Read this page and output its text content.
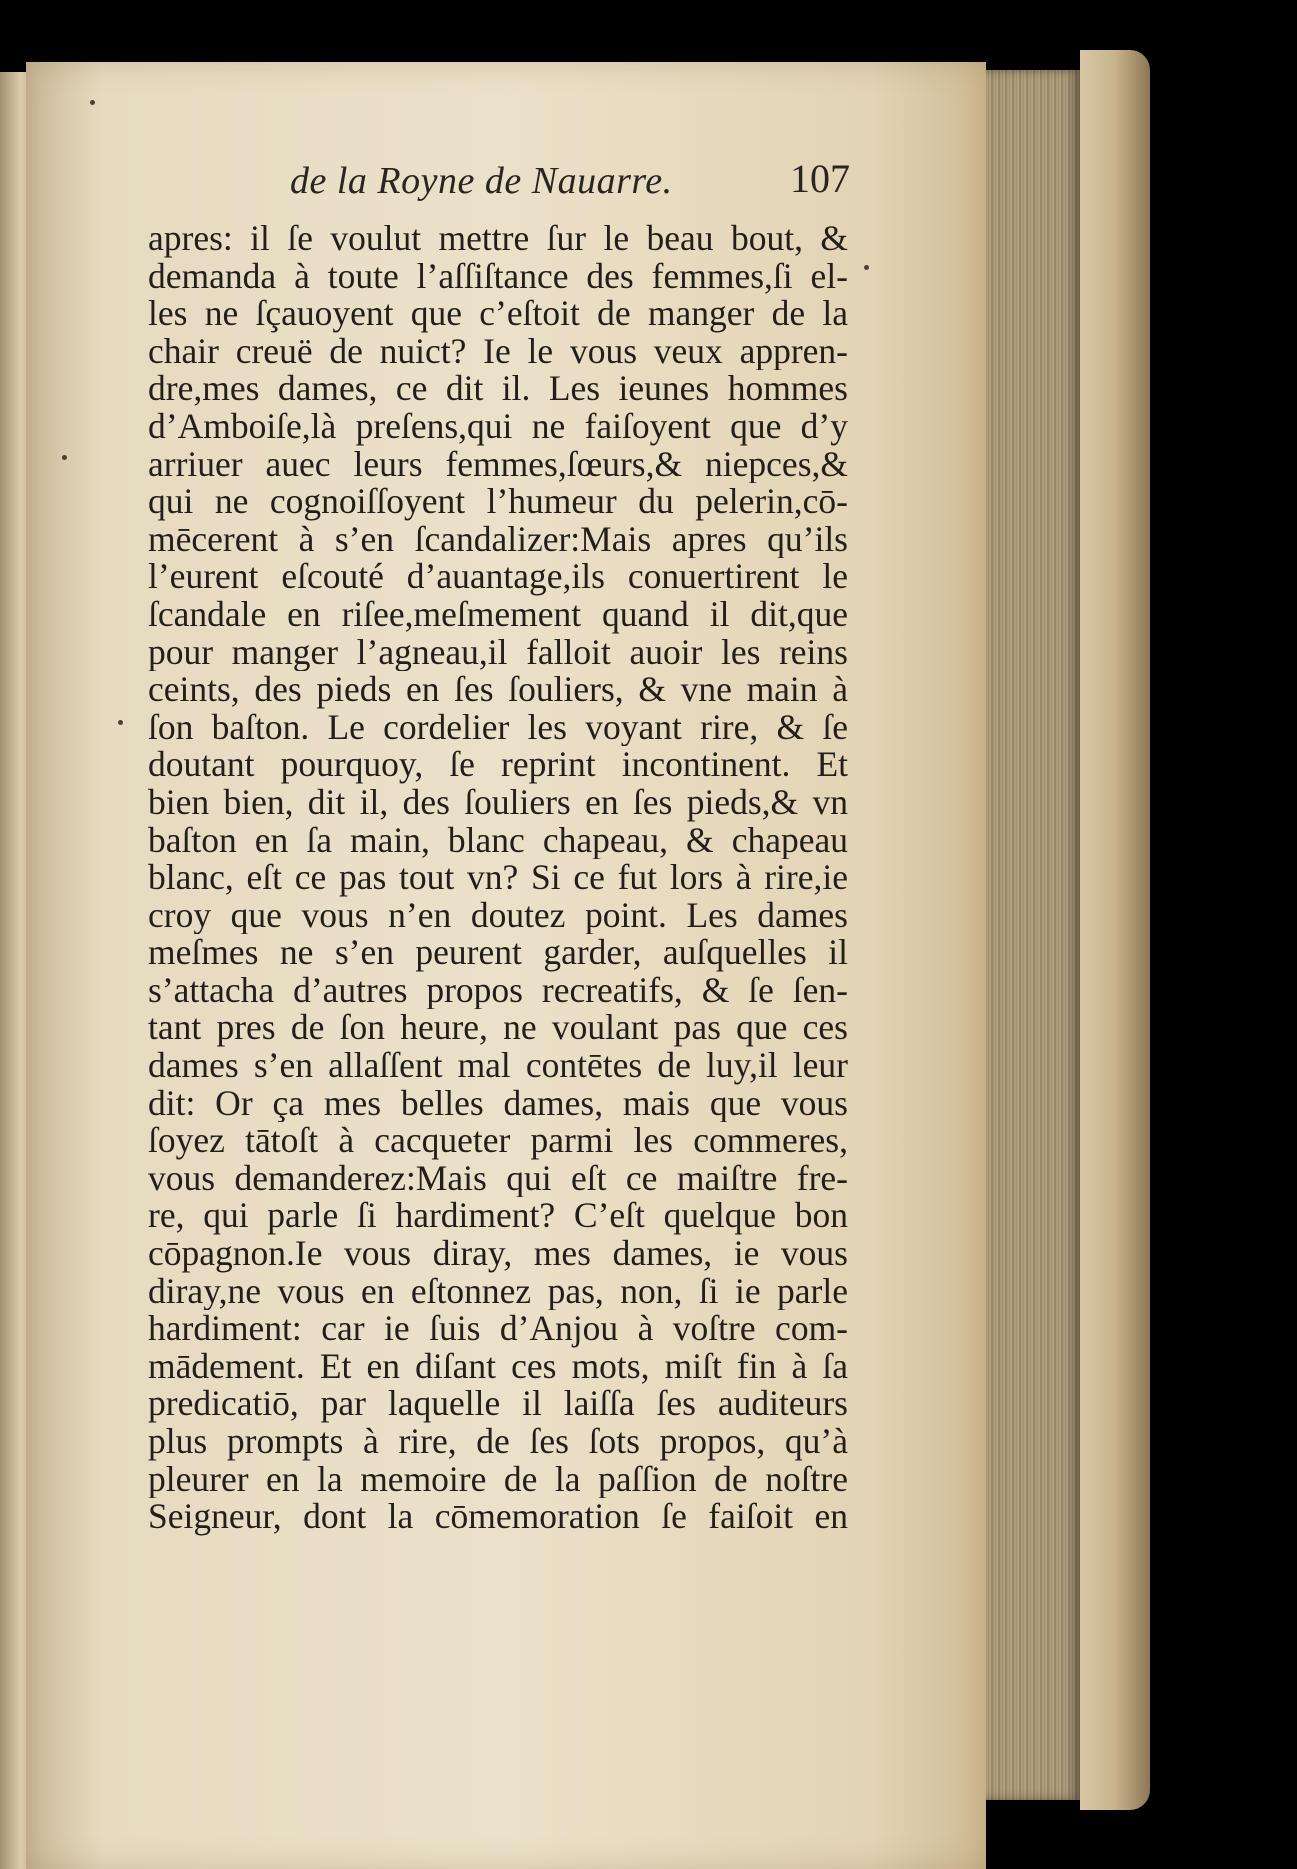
de la Royne de Nauarre.	107
apres: il ſe voulut mettre ſur le beau bout, &
demanda à toute l’aſſiſtance des femmes,ſi el-
les ne ſçauoyent que c’eſtoit de manger de la
chair creuë de nuict? Ie le vous veux appren-
dre,mes dames, ce dit il. Les ieunes hommes
d’Amboiſe,là preſens,qui ne faiſoyent que d’y
arriuer auec leurs femmes,ſœurs,& niepces,&
qui ne cognoiſſoyent l’humeur du pelerin,cō-
mēcerent à s’en ſcandalizer:Mais apres qu’ils
l’eurent eſcouté d’auantage,ils conuertirent le
ſcandale en riſee,meſmement quand il dit,que
pour manger l’agneau,il falloit auoir les reins
ceints, des pieds en ſes ſouliers, & vne main à
ſon baſton. Le cordelier les voyant rire, & ſe
doutant pourquoy, ſe reprint incontinent. Et
bien bien, dit il, des ſouliers en ſes pieds,& vn
baſton en ſa main, blanc chapeau, & chapeau
blanc, eſt ce pas tout vn? Si ce fut lors à rire,ie
croy que vous n’en doutez point. Les dames
meſmes ne s’en peurent garder, auſquelles il
s’attacha d’autres propos recreatifs, & ſe ſen-
tant pres de ſon heure, ne voulant pas que ces
dames s’en allaſſent mal contētes de luy,il leur
dit: Or ça mes belles dames, mais que vous
ſoyez tātoſt à cacqueter parmi les commeres,
vous demanderez:Mais qui eſt ce maiſtre fre-
re, qui parle ſi hardiment? C’eſt quelque bon
cōpagnon.Ie vous diray, mes dames, ie vous
diray,ne vous en eſtonnez pas, non, ſi ie parle
hardiment: car ie ſuis d’Anjou à voſtre com-
mādement. Et en diſant ces mots, miſt fin à ſa
predicatiō, par laquelle il laiſſa ſes auditeurs
plus prompts à rire, de ſes ſots propos, qu’à
pleurer en la memoire de la paſſion de noſtre
Seigneur, dont la cōmemoration ſe faiſoit en
